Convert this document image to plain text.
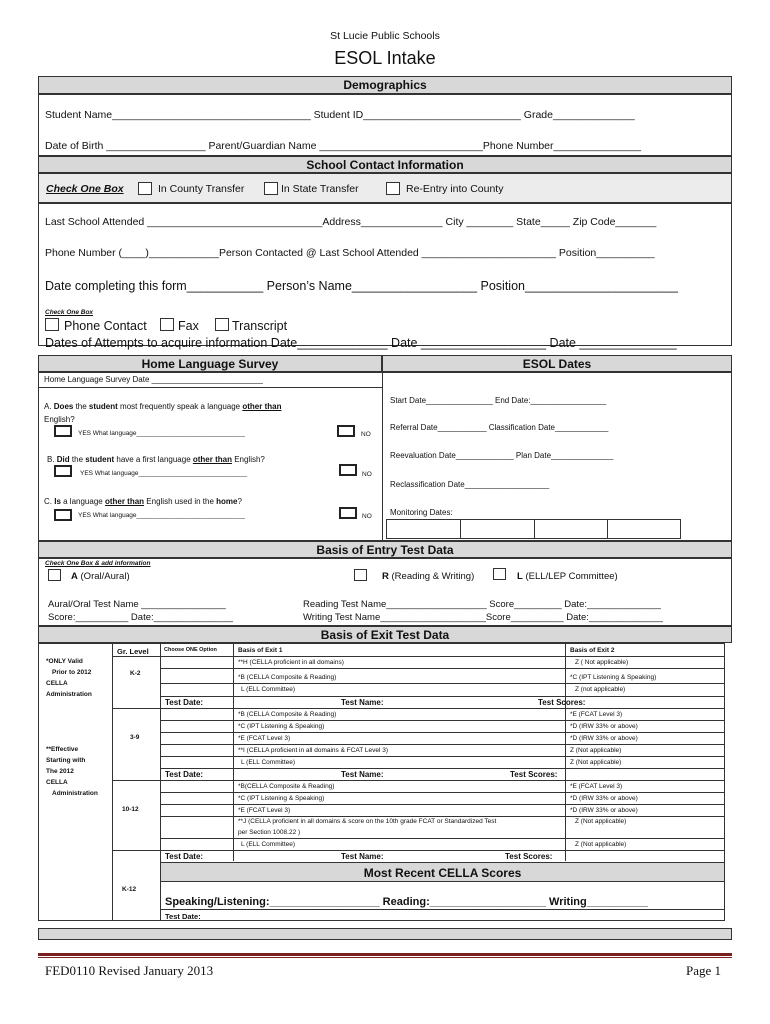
St Lucie Public Schools
ESOL Intake
Demographics
Student Name__________________________________ Student ID___________________________ Grade______________
Date of Birth _________________ Parent/Guardian Name ____________________________Phone Number_______________
School Contact Information
Check One Box	In County Transfer	In State Transfer	Re-Entry into County
Last School Attended ______________________________Address______________ City ________ State_____ Zip Code_______
Phone Number (____)____________Person Contacted @ Last School Attended _______________________ Position__________
Date completing this form___________ Person’s Name__________________ Position______________________
Check One Box
Phone Contact	Fax	Transcript
Dates of Attempts to acquire information Date_____________ Date __________________ Date ______________
Home Language Survey	ESOL Dates
Home Language Survey Date _________________________
A. Does the student most frequently speak a language other than
English?
YES What language______________________________	NO
B. Did the student have a first language other than English?
YES What language______________________________	NO
C. Is a language other than English used in the home?
YES What language______________________________	NO
Start Date_______________ End Date:_________________
Referral Date___________ Classification Date____________
Reevaluation Date_____________ Plan Date______________
Reclassification Date___________________
Monitoring Dates:
Basis of Entry Test Data
Check One Box & add information
A (Oral/Aural)	R (Reading & Writing)	L (ELL/LEP Committee)
Aural/Oral Test Name ________________
Score:__________ Date:_______________
Reading Test Name___________________ Score_________ Date:______________
Writing Test Name____________________Score__________ Date:______________
Basis of Exit Test Data
Gr. Level	Choose ONE Option	Basis of Exit 1	Basis of Exit 2
*ONLY Valid
Prior to 2012
CELLA
Administration
**Effective
Starting with
The 2012
CELLA
Administration
K-2
**H (CELLA proficient in all domains)	Z ( Not applicable)
*B (CELLA Composite & Reading)	*C (IPT Listening & Speaking)
L (ELL Committee)	Z (not applicable)
Test Date:	Test Name:	Test Scores:
3-9
*B (CELLA Composite & Reading)	*E (FCAT Level 3)
*C (IPT Listening & Speaking)	*D (IRW 33% or above)
*E (FCAT Level 3)	*D (IRW 33% or above)
**I (CELLA proficient in all domains & FCAT Level 3)	Z (Not applicable)
L (ELL Committee)	Z (Not applicable)
Test Date:	Test Name:	Test Scores:
10-12
*B(CELLA Composite & Reading)	*E (FCAT Level 3)
*C (IPT Listening & Speaking)	*D (IRW 33% or above)
*E (FCAT Level 3)	*D (IRW 33% or above)
**J (CELLA proficient in all domains & score on the 10th grade FCAT or Standardized Test	Z (Not applicable)
per Section 1008.22 )
L (ELL Committee)	Z (Not applicable)
Test Date:	Test Name:	Test Scores:
Most Recent CELLA Scores
K-12
Speaking/Listening:__________________ Reading:___________________ Writing__________
Test Date:
FED0110 Revised January 2013	Page 1
